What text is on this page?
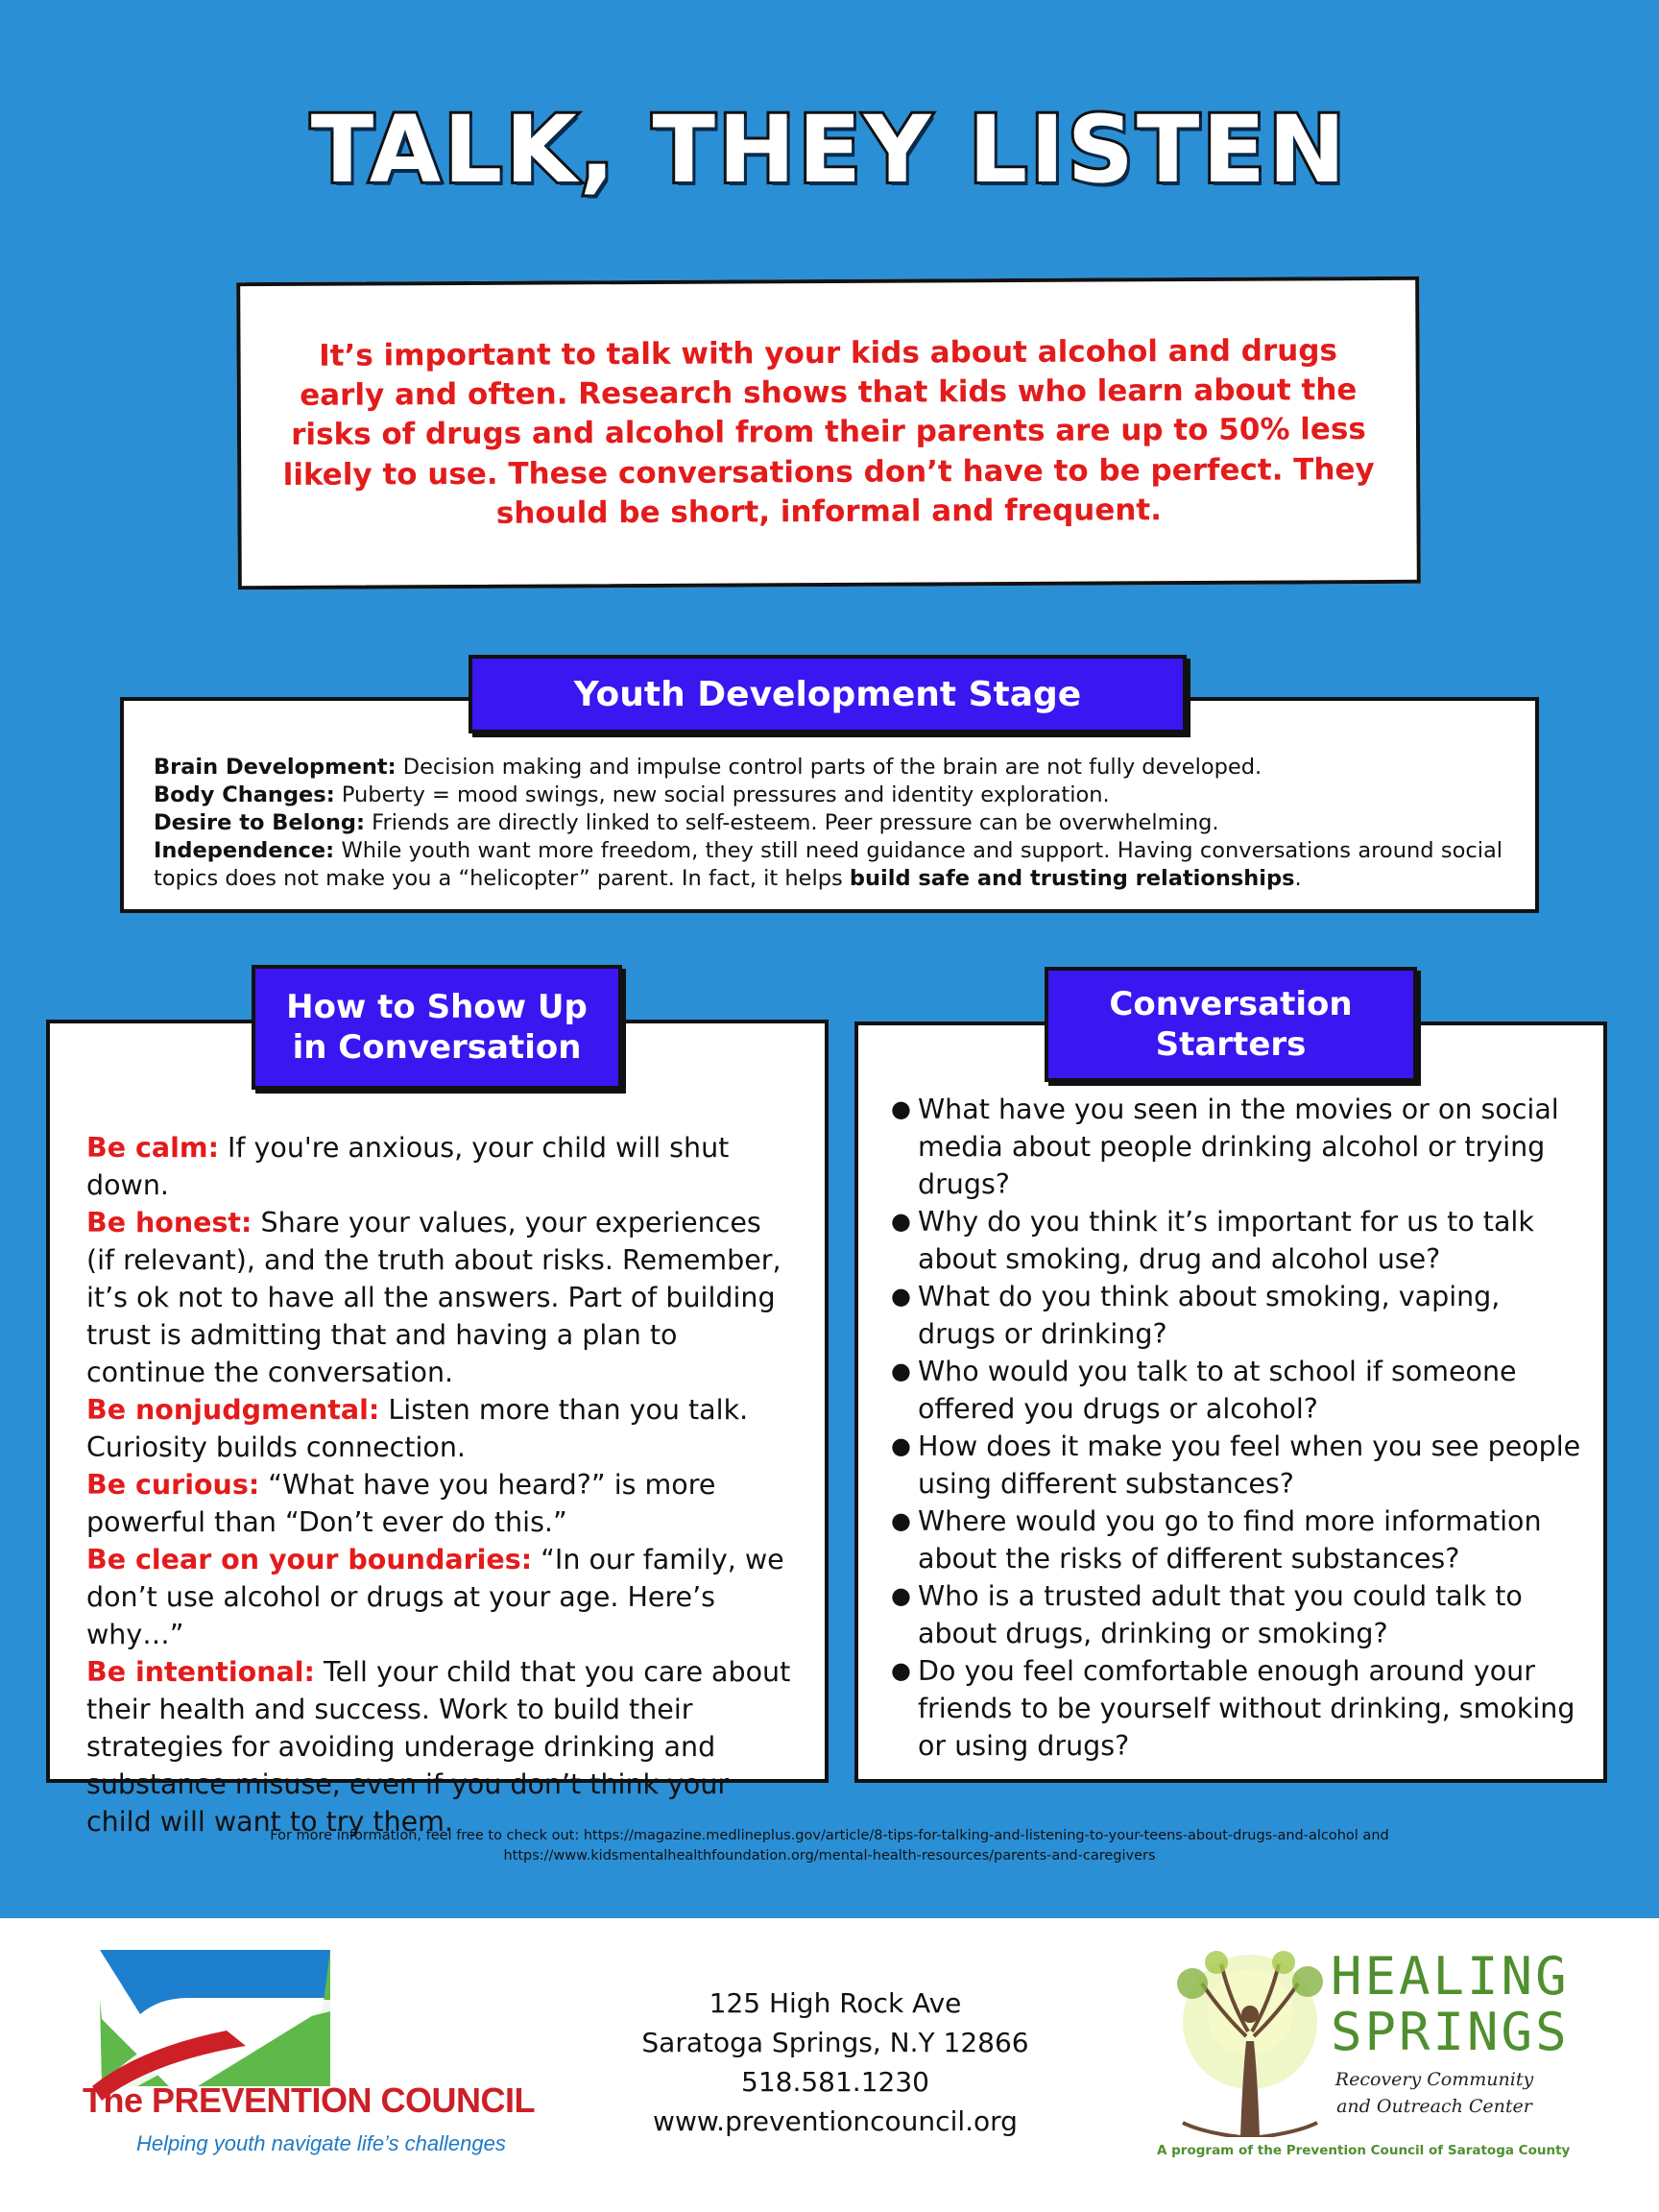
TALK, THEY LISTEN

It’s important to talk with your kids about alcohol and drugs early and often. Research shows that kids who learn about the risks of drugs and alcohol from their parents are up to 50% less likely to use. These conversations don’t have to be perfect. They should be short, informal and frequent.

Brain Development: Decision making and impulse control parts of the brain are not fully developed.

Body Changes: Puberty = mood swings, new social pressures and identity exploration.

Desire to Belong: Friends are directly linked to self-esteem. Peer pressure can be overwhelming.

Independence: While youth want more freedom, they still need guidance and support. Having conversations around social topics does not make you a “helicopter” parent. In fact, it helps build safe and trusting relationships.

Youth Development Stage

Be calm: If you're anxious, your child will shut down.

Be honest: Share your values, your experiences (if relevant), and the truth about risks. Remember, it’s ok not to have all the answers. Part of building trust is admitting that and having a plan to continue the conversation.

Be nonjudgmental: Listen more than you talk. Curiosity builds connection.

Be curious: “What have you heard?” is more powerful than “Don’t ever do this.”

Be clear on your boundaries: “In our family, we don’t use alcohol or drugs at your age. Here’s why…”

Be intentional: Tell your child that you care about their health and success. Work to build their strategies for avoiding underage drinking and substance misuse, even if you don’t think your child will want to try them.

How to Show Up in Conversation
● What have you seen in the movies or on social media about people drinking alcohol or trying drugs?
● Why do you think it’s important for us to talk about smoking, drug and alcohol use?
● What do you think about smoking, vaping, drugs or drinking?
● Who would you talk to at school if someone offered you drugs or alcohol?
● How does it make you feel when you see people using different substances?
● Where would you go to find more information about the risks of different substances?
● Who is a trusted adult that you could talk to about drugs, drinking or smoking?
● Do you feel comfortable enough around your friends to be yourself without drinking, smoking or using drugs?
Conversation Starters
For more information, feel free to check out: https://magazine.medlineplus.gov/article/8-tips-for-talking-and-listening-to-your-teens-about-drugs-and-alcohol and https://www.kidsmentalhealthfoundation.org/mental-health-resources/parents-and-caregivers
The PREVENTION COUNCIL
Helping youth navigate life’s challenges
125 High Rock Ave
Saratoga Springs, N.Y 12866
518.581.1230
www.preventioncouncil.org
HEALING
SPRINGS
Recovery Community and Outreach Center
A program of the Prevention Council of Saratoga County
